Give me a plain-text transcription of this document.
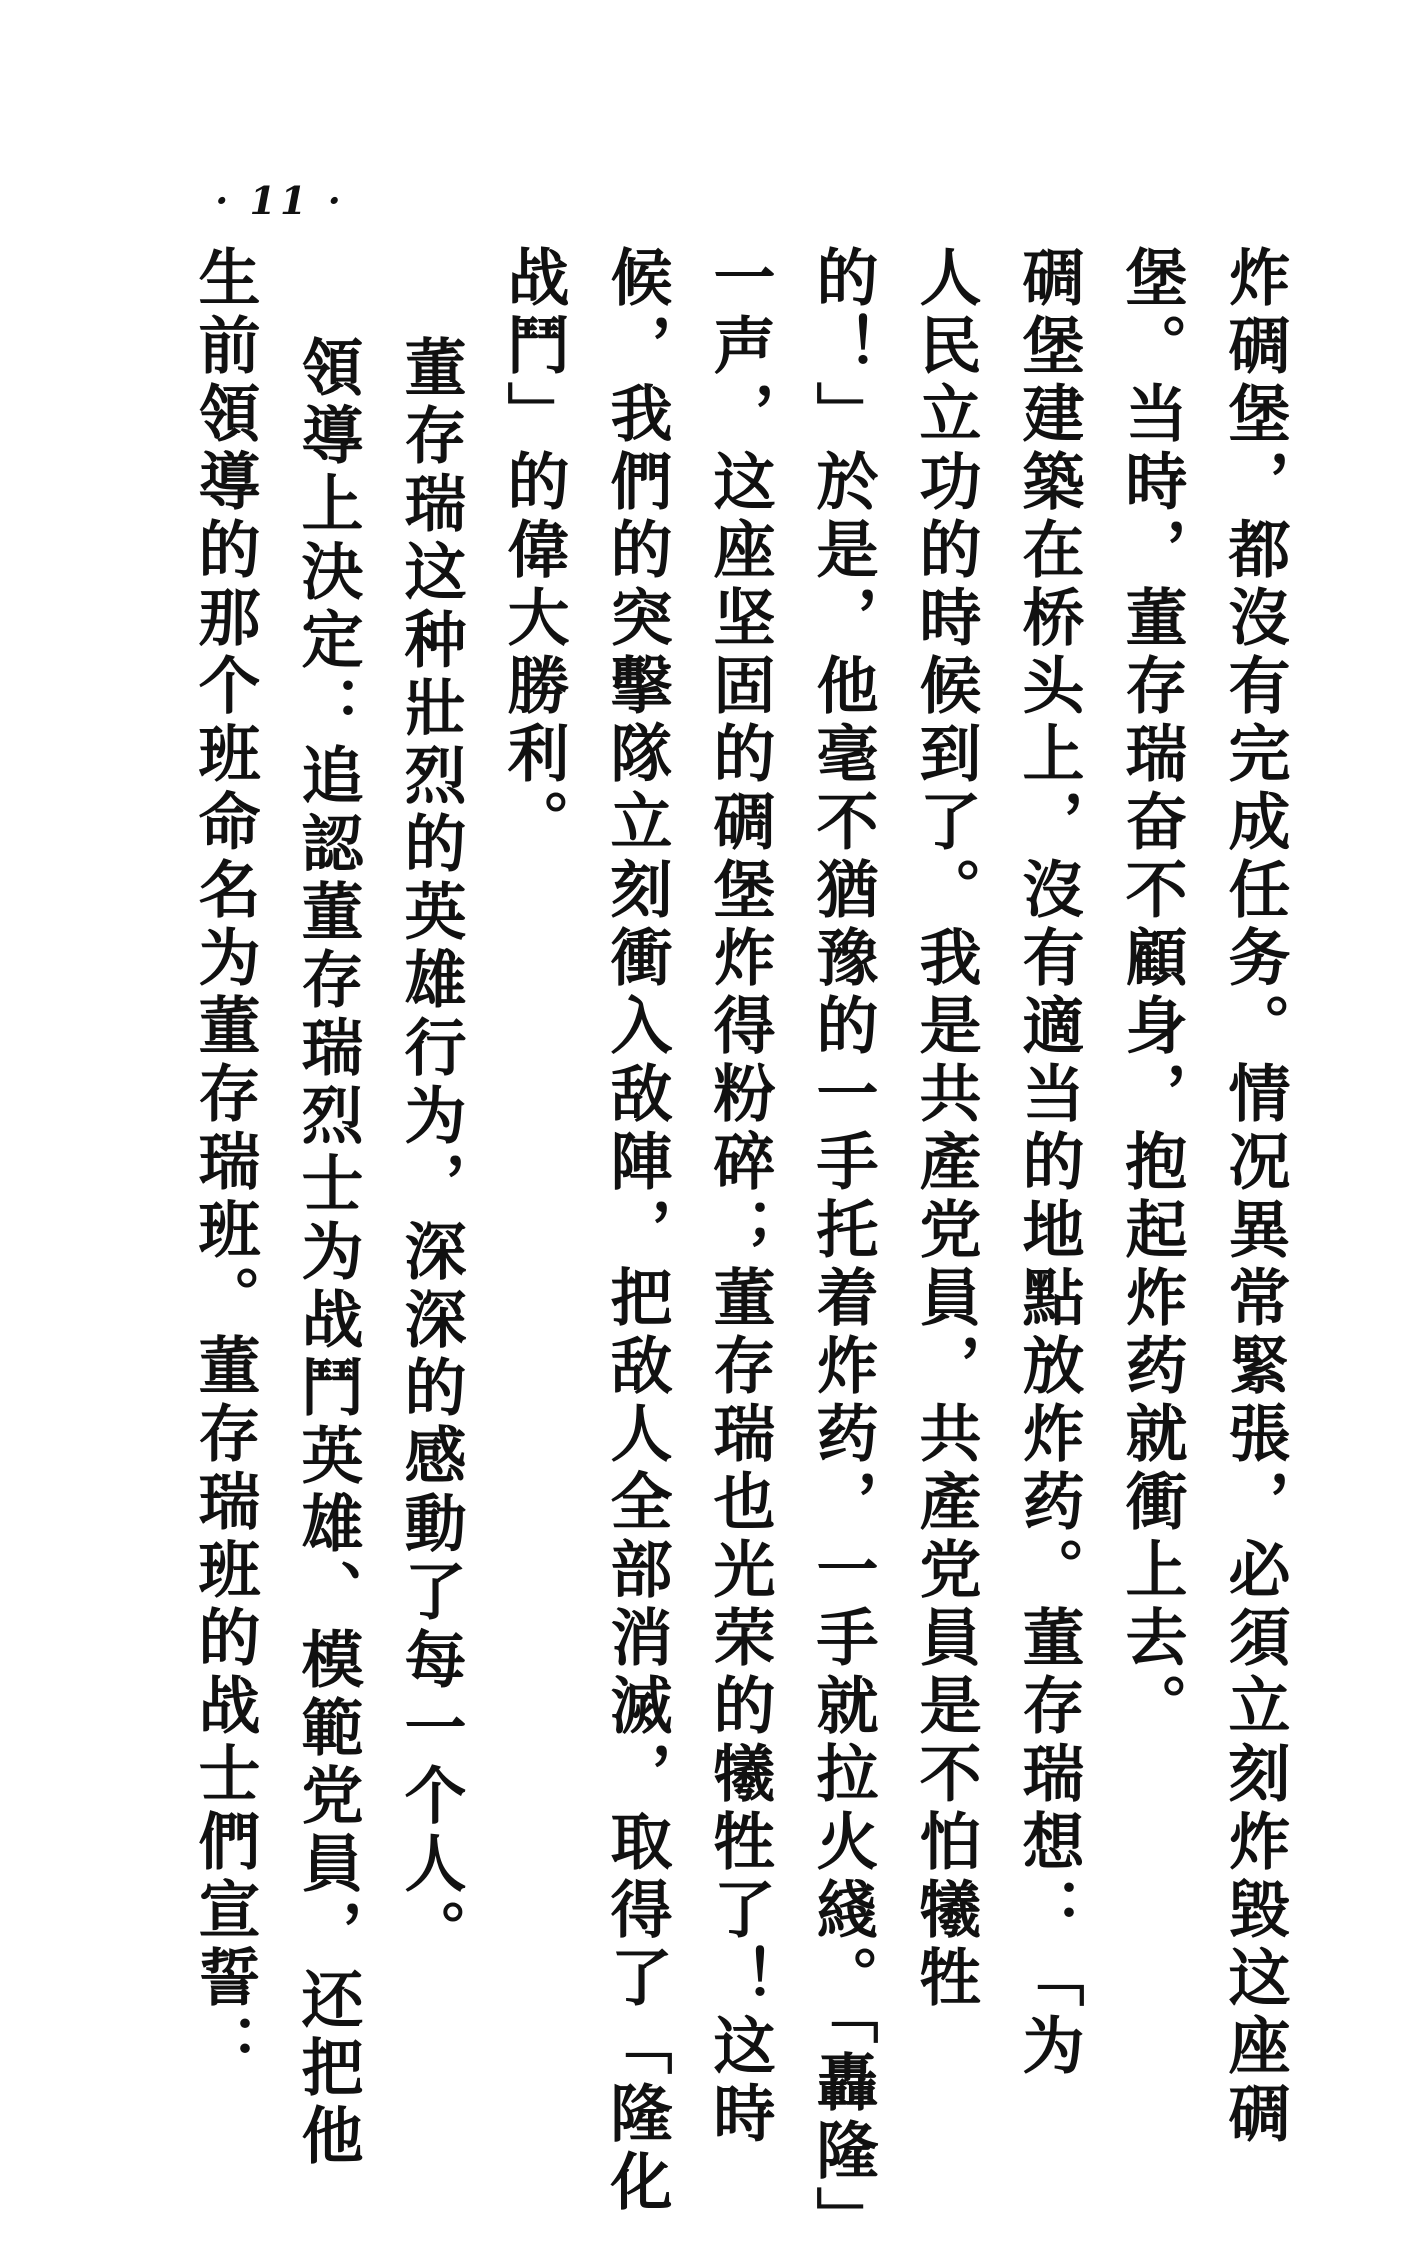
· 11 ·
炸碉堡，都沒有完成任务。情况異常緊張，必須立刻炸毀这座碉
堡。当時，董存瑞奋不顧身，抱起炸药就衝上去。
碉堡建築在桥头上，沒有適当的地點放炸药。董存瑞想：「为
人民立功的時候到了。我是共產党員，共產党員是不怕犧牲
的！」於是，他毫不猶豫的一手托着炸药，一手就拉火綫。「轟隆」
一声，这座坚固的碉堡炸得粉碎；董存瑞也光荣的犧牲了！这時
候，我們的突擊隊立刻衝入敌陣，把敌人全部消滅，取得了「隆化
战鬥」的偉大勝利。
董存瑞这种壯烈的英雄行为，深深的感動了每一个人。
領導上決定：追認董存瑞烈士为战鬥英雄、模範党員，还把他
生前領導的那个班命名为董存瑞班。董存瑞班的战士們宣誓：
